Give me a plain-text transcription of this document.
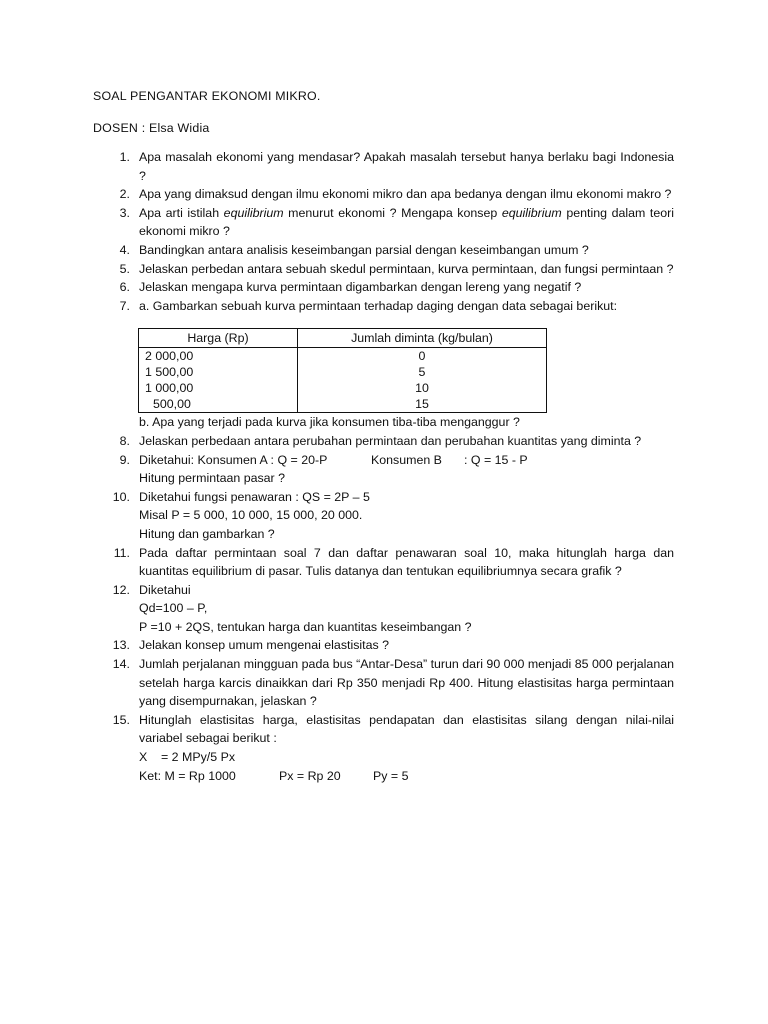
SOAL PENGANTAR EKONOMI MIKRO.
DOSEN : Elsa Widia
1. Apa masalah ekonomi yang mendasar? Apakah masalah tersebut hanya berlaku bagi Indonesia ?
2. Apa yang dimaksud dengan ilmu ekonomi mikro dan apa bedanya dengan ilmu ekonomi makro ?
3. Apa arti istilah equilibrium menurut ekonomi ? Mengapa konsep equilibrium penting dalam teori ekonomi mikro ?
4. Bandingkan antara analisis keseimbangan parsial dengan keseimbangan umum ?
5. Jelaskan perbedan antara sebuah skedul permintaan, kurva permintaan, dan fungsi permintaan ?
6. Jelaskan mengapa kurva permintaan digambarkan dengan lereng yang negatif ?
7. a. Gambarkan sebuah kurva permintaan terhadap daging dengan data sebagai berikut:
Harga (Rp)	Jumlah diminta (kg/bulan)
2 000,00	0
1 500,00	5
1 000,00	10
500,00	15
b. Apa yang terjadi pada kurva jika konsumen tiba-tiba menganggur ?
8. Jelaskan perbedaan antara perubahan permintaan dan perubahan kuantitas yang diminta ?
9. Diketahui: Konsumen A : Q = 20-P	Konsumen B : Q = 15 - P
Hitung permintaan pasar ?
10. Diketahui fungsi penawaran : QS = 2P – 5
Misal P = 5 000, 10 000, 15 000, 20 000.
Hitung dan gambarkan ?
11. Pada daftar permintaan soal 7 dan daftar penawaran soal 10, maka hitunglah harga dan kuantitas equilibrium di pasar. Tulis datanya dan tentukan equilibriumnya secara grafik ?
12. Diketahui
Qd=100 – P,
P =10 + 2QS, tentukan harga dan kuantitas keseimbangan ?
13. Jelakan konsep umum mengenai elastisitas ?
14. Jumlah perjalanan mingguan pada bus “Antar-Desa” turun dari 90 000 menjadi 85 000 perjalanan setelah harga karcis dinaikkan dari Rp 350 menjadi Rp 400. Hitung elastisitas harga permintaan yang disempurnakan, jelaskan ?
15. Hitunglah elastisitas harga, elastisitas pendapatan dan elastisitas silang dengan nilai-nilai variabel sebagai berikut :
X = 2 MPy/5 Px
Ket: M = Rp 1000	Px = Rp 20	Py = 5
